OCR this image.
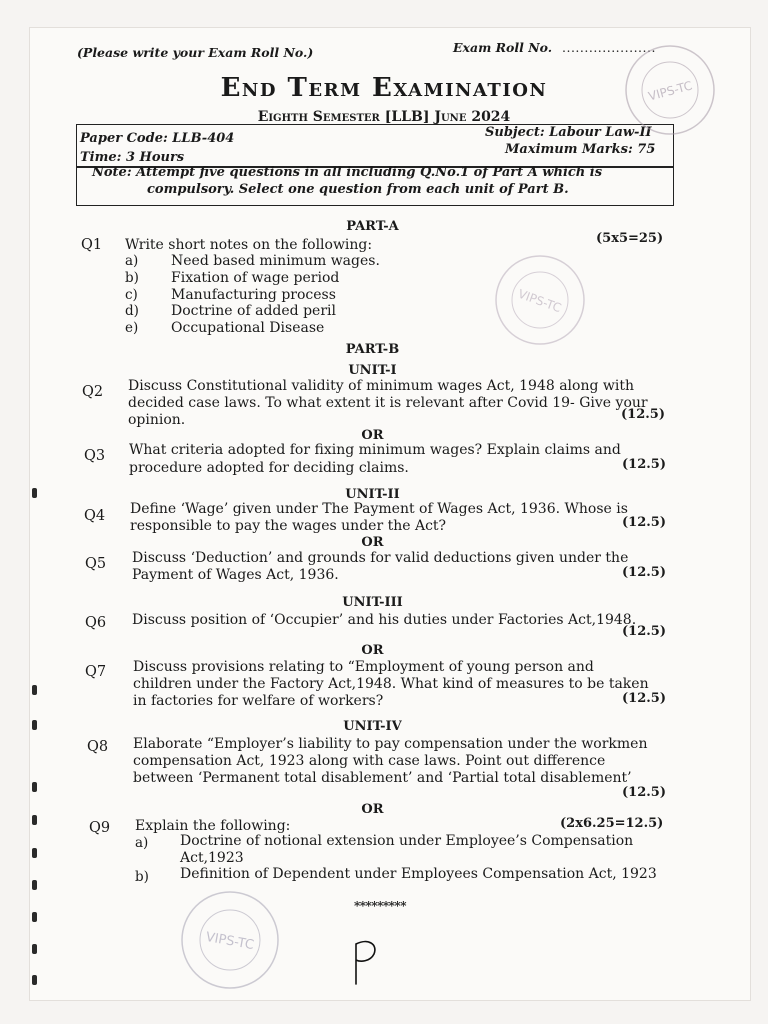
(Please write your Exam Roll No.)	Exam Roll No. .....................
End Term Examination
Eighth Semester [LLB] June 2024
Paper Code: LLB-404	Subject: Labour Law-II
Time: 3 Hours
Maximum Marks: 75
Note: Attempt five questions in all including Q.No.1 of Part A which is
compulsory. Select one question from each unit of Part B.
PART-A
Q1 Write short notes on the following:	(5x5=25)
a) Need based minimum wages.
b) Fixation of wage period
c) Manufacturing process
d) Doctrine of added peril
e) Occupational Disease
PART-B
UNIT-I
Q2 Discuss Constitutional validity of minimum wages Act, 1948 along with
decided case laws. To what extent it is relevant after Covid 19- Give your
opinion.	(12.5)
OR
Q3 What criteria adopted for fixing minimum wages? Explain claims and
procedure adopted for deciding claims.	(12.5)
UNIT-II
Q4 Define ‘Wage’ given under The Payment of Wages Act, 1936. Whose is
responsible to pay the wages under the Act?	(12.5)
OR
Q5 Discuss ‘Deduction’ and grounds for valid deductions given under the
Payment of Wages Act, 1936.	(12.5)
UNIT-III
Q6 Discuss position of ‘Occupier’ and his duties under Factories Act,1948.
(12.5)
OR
Q7 Discuss provisions relating to “Employment of young person and
children under the Factory Act,1948. What kind of measures to be taken
in factories for welfare of workers?	(12.5)
UNIT-IV
Q8 Elaborate “Employer’s liability to pay compensation under the workmen
compensation Act, 1923 along with case laws. Point out difference
between ‘Permanent total disablement’ and ‘Partial total disablement’
(12.5)
OR
Q9 Explain the following:	(2x6.25=12.5)
a) Doctrine of notional extension under Employee’s Compensation
Act,1923
b) Definition of Dependent under Employees Compensation Act, 1923
*********
VIPS-TC
VIPS-TC
VIPS-TC
